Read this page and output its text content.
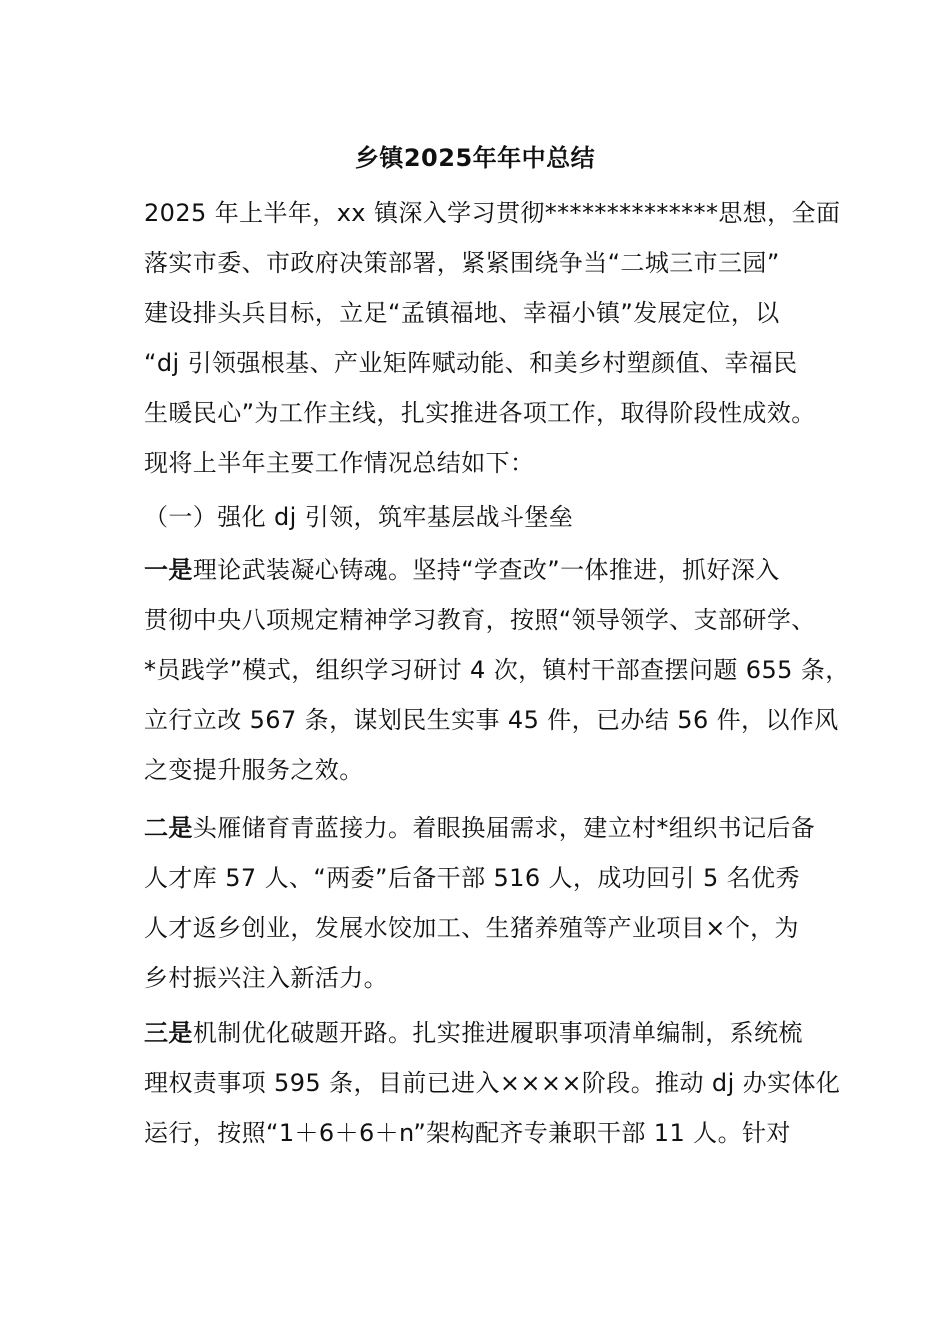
乡镇2025年年中总结
2025 年上半年，xx 镇深入学习贯彻**************思想，全面
落实市委、市政府决策部署，紧紧围绕争当“二城三市三园”
建设排头兵目标，立足“孟镇福地、幸福小镇”发展定位，以
“dj 引领强根基、产业矩阵赋动能、和美乡村塑颜值、幸福民
生暖民心”为工作主线，扎实推进各项工作，取得阶段性成效。
现将上半年主要工作情况总结如下：
（一）强化 dj 引领，筑牢基层战斗堡垒
一是理论武装凝心铸魂。坚持“学查改”一体推进，抓好深入
贯彻中央八项规定精神学习教育，按照“领导领学、支部研学、
*员践学”模式，组织学习研讨 4 次，镇村干部查摆问题 655 条，
立行立改 567 条，谋划民生实事 45 件，已办结 56 件，以作风
之变提升服务之效。
二是头雁储育青蓝接力。着眼换届需求，建立村*组织书记后备
人才库 57 人、“两委”后备干部 516 人，成功回引 5 名优秀
人才返乡创业，发展水饺加工、生猪养殖等产业项目×个，为
乡村振兴注入新活力。
三是机制优化破题开路。扎实推进履职事项清单编制，系统梳
理权责事项 595 条，目前已进入××××阶段。推动 dj 办实体化
运行，按照“1＋6＋6＋n”架构配齐专兼职干部 11 人。针对
